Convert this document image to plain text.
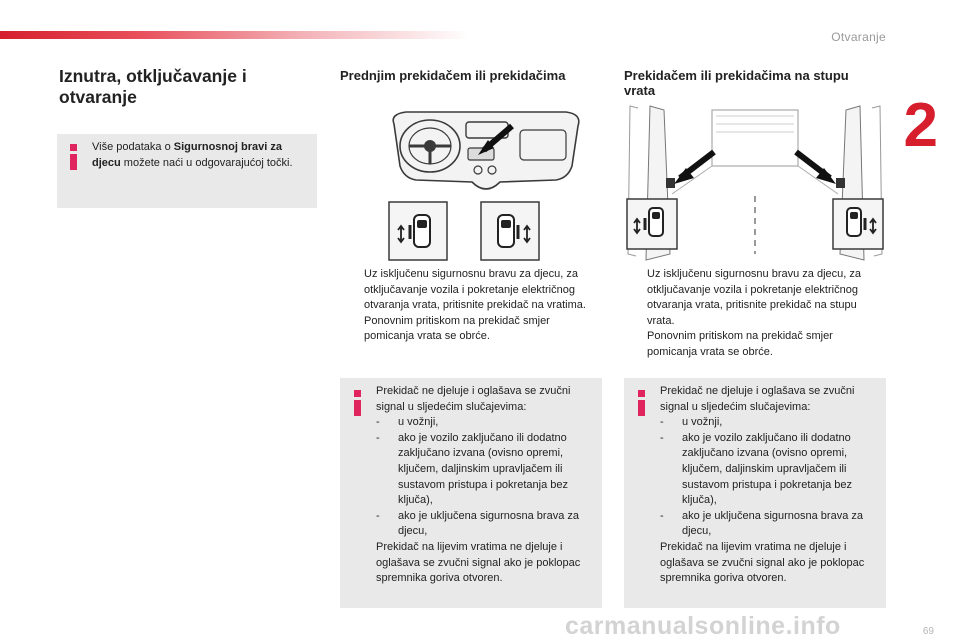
Otvaranje
2
Iznutra, otključavanje i otvaranje
Više podataka o Sigurnosnoj bravi za djecu možete naći u odgovarajućoj točki.
Prednjim prekidačem ili prekidačima
Uz isključenu sigurnosnu bravu za djecu, za otključavanje vozila i pokretanje električnog otvaranja vrata, pritisnite prekidač na vratima.
Ponovnim pritiskom na prekidač smjer pomicanja vrata se obrće.
Prekidač ne djeluje i oglašava se zvučni signal u sljedećim slučajevima:
- u vožnji,
- ako je vozilo zaključano ili dodatno zaključano izvana (ovisno opremi, ključem, daljinskim upravljačem ili sustavom pristupa i pokretanja bez ključa),
- ako je uključena sigurnosna brava za djecu,
Prekidač na lijevim vratima ne djeluje i oglašava se zvučni signal ako je poklopac spremnika goriva otvoren.
Prekidačem ili prekidačima na stupu vrata
Uz isključenu sigurnosnu bravu za djecu, za otključavanje vozila i pokretanje električnog otvaranja vrata, pritisnite prekidač na stupu vrata.
Ponovnim pritiskom na prekidač smjer pomicanja vrata se obrće.
Prekidač ne djeluje i oglašava se zvučni signal u sljedećim slučajevima:
- u vožnji,
- ako je vozilo zaključano ili dodatno zaključano izvana (ovisno opremi, ključem, daljinskim upravljačem ili sustavom pristupa i pokretanja bez ključa),
- ako je uključena sigurnosna brava za djecu,
Prekidač na lijevim vratima ne djeluje i oglašava se zvučni signal ako je poklopac spremnika goriva otvoren.
carmanualsonline.info	69
